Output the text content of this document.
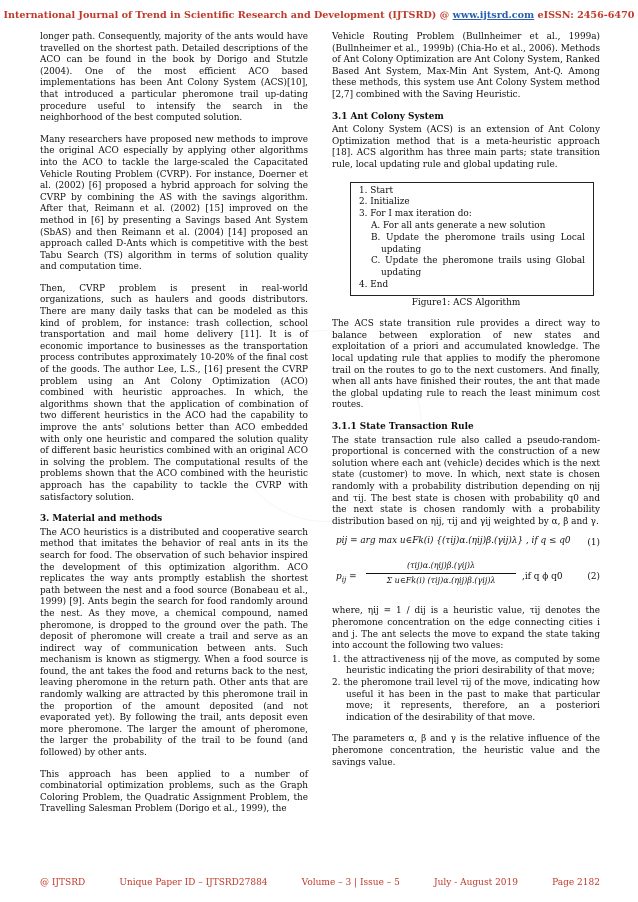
International Journal of Trend in Scientific Research and Development (IJTSRD) @ www.ijtsrd.com eISSN: 2456-6470

longer path. Consequently, majority of the ants would have travelled on the shortest path. Detailed descriptions of the ACO can be found in the book by Dorigo and Stutzle (2004). One of the most efficient ACO based implementations has been Ant Colony System (ACS)[10], that introduced a particular pheromone trail up-dating procedure useful to intensify the search in the neighborhood of the best computed solution.

Many researchers have proposed new methods to improve the original ACO especially by applying other algorithms into the ACO to tackle the large-scaled the Capacitated Vehicle Routing Problem (CVRP). For instance, Doerner et al. (2002) [6] proposed a hybrid approach for solving the CVRP by combining the AS with the savings algorithm. After that, Reimann et al. (2002) [15] improved on the method in [6] by presenting a Savings based Ant System (SbAS) and then Reimann et al. (2004) [14] proposed an approach called D-Ants which is competitive with the best Tabu Search (TS) algorithm in terms of solution quality and computation time.

Then, CVRP problem is present in real-world organizations, such as haulers and goods distributors. There are many daily tasks that can be modeled as this kind of problem, for instance: trash collection, school transportation and mail home delivery [11]. It is of economic importance to businesses as the transportation process contributes approximately 10-20% of the final cost of the goods. The author Lee, L.S., [16] present the CVRP problem using an Ant Colony Optimization (ACO) combined with heuristic approaches. In which, the algorithms shown that the application of combination of two different heuristics in the ACO had the capability to improve the ants' solutions better than ACO embedded with only one heuristic and compared the solution quality of different basic heuristics combined with an original ACO in solving the problem. The computational results of the problems shown that the ACO combined with the heuristic approach has the capability to tackle the CVRP with satisfactory solution.

3. Material and methods

The ACO heuristics is a distributed and cooperative search method that imitates the behavior of real ants in its the search for food. The observation of such behavior inspired the development of this optimization algorithm. ACO replicates the way ants promptly establish the shortest path between the nest and a food source (Bonabeau et al., 1999) [9]. Ants begin the search for food randomly around the nest. As they move, a chemical compound, named pheromone, is dropped to the ground over the path. The deposit of pheromone will create a trail and serve as an indirect way of communication between ants. Such mechanism is known as stigmergy. When a food source is found, the ant takes the food and returns back to the nest, leaving pheromone in the return path. Other ants that are randomly walking are attracted by this pheromone trail in the proportion of the amount deposited (and not evaporated yet). By following the trail, ants deposit even more pheromone. The larger the amount of pheromone, the larger the probability of the trail to be found (and followed) by other ants.

This approach has been applied to a number of combinatorial optimization problems, such as the Graph Coloring Problem, the Quadratic Assignment Problem, the Travelling Salesman Problem (Dorigo et al., 1999), the

Vehicle Routing Problem (Bullnheimer et al., 1999a) (Bullnheimer et al., 1999b) (Chia-Ho et al., 2006). Methods of Ant Colony Optimization are Ant Colony System, Ranked Based Ant System, Max-Min Ant System, Ant-Q. Among these methods, this system use Ant Colony System method [2,7] combined with the Saving Heuristic.

3.1 Ant Colony System

Ant Colony System (ACS) is an extension of Ant Colony Optimization method that is a meta-heuristic approach [18]. ACS algorithm has three main parts; state transition rule, local updating rule and global updating rule.

1. Start
2. Initialize
3. For I max iteration do:
A. For all ants generate a new solution
B. Update the pheromone trails using Local updating
C. Update the pheromone trails using Global updating
4. End
Figure1: ACS Algorithm

The ACS state transition rule provides a direct way to balance between exploration of new states and exploitation of a priori and accumulated knowledge. The local updating rule that applies to modify the pheromone trail on the routes to go to the next customers. And finally, when all ants have finished their routes, the ant that made the global updating rule to reach the least minimum cost routes.

3.1.1 State Transaction Rule

The state transaction rule also called a pseudo-random-proportional is concerned with the construction of a new solution where each ant (vehicle) decides which is the next state (customer) to move. In which, next state is chosen randomly with a probability distribution depending on ηij and τij. The best state is chosen with probability q0 and the next state is chosen randomly with a probability distribution based on ηij, τij and γij weighted by α, β and γ.

pij = arg max u∈Fk(i) {(τij)α.(ηij)β.(γij)λ} , if q ≤ q0 (1)
$p_{ij}$ =
(τij)α.(ηij)β.(γij)λ
Σ u∈Fk(i) (τij)α.(ηij)β.(γij)λ	,if q ϕ q0	(2)

where, ηij = 1 / dij is a heuristic value, τij denotes the pheromone concentration on the edge connecting cities i and j. The ant selects the move to expand the state taking into account the following two values:

1. the attractiveness ηij of the move, as computed by some heuristic indicating the priori desirability of that move;
2. the pheromone trail level τij of the move, indicating how useful it has been in the past to make that particular move; it represents, therefore, an a posteriori indication of the desirability of that move.

The parameters α, β and γ is the relative influence of the pheromone concentration, the heuristic value and the savings value.

@ IJTSRD	Unique Paper ID – IJTSRD27884	Volume – 3 | Issue – 5	July - August 2019	Page 2182
